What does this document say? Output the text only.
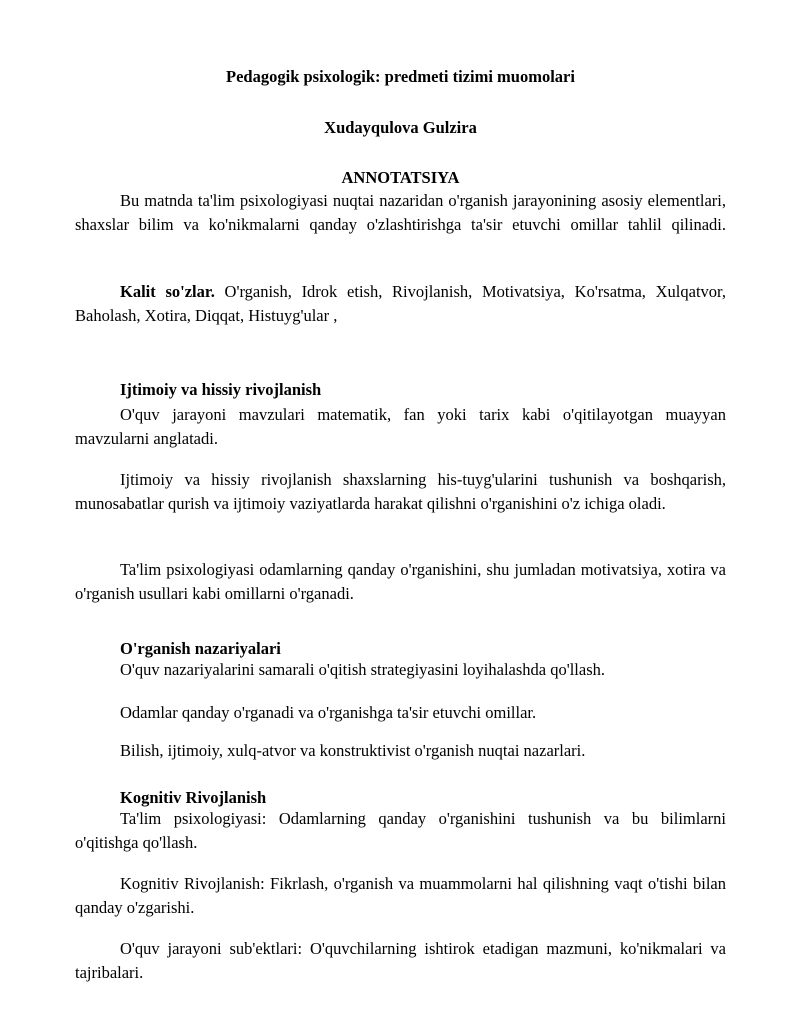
Pedagogik psixologik: predmeti tizimi muomolari
Xudayqulova Gulzira
ANNOTATSIYA

Bu matnda ta'lim psixologiyasi nuqtai nazaridan o'rganish jarayonining asosiy elementlari, shaxslar bilim va ko'nikmalarni qanday o'zlashtirishga ta'sir etuvchi omillar tahlil qilinadi.

Kalit so'zlar. O'rganish, Idrok etish, Rivojlanish, Motivatsiya, Ko'rsatma, Xulqatvor, Baholash, Xotira, Diqqat, Histuyg'ular ,

Ijtimoiy va hissiy rivojlanish

O'quv jarayoni mavzulari matematik, fan yoki tarix kabi o'qitilayotgan muayyan mavzularni anglatadi.

Ijtimoiy va hissiy rivojlanish shaxslarning his-tuyg'ularini tushunish va boshqarish, munosabatlar qurish va ijtimoiy vaziyatlarda harakat qilishni o'rganishini o'z ichiga oladi.

Ta'lim psixologiyasi odamlarning qanday o'rganishini, shu jumladan motivatsiya, xotira va o'rganish usullari kabi omillarni o'rganadi.

O'rganish nazariyalari
O'quv nazariyalarini samarali o'qitish strategiyasini loyihalashda qo'llash.
Odamlar qanday o'rganadi va o'rganishga ta'sir etuvchi omillar.
Bilish, ijtimoiy, xulq-atvor va konstruktivist o'rganish nuqtai nazarlari.
Kognitiv Rivojlanish

Ta'lim psixologiyasi: Odamlarning qanday o'rganishini tushunish va bu bilimlarni o'qitishga qo'llash.

Kognitiv Rivojlanish: Fikrlash, o'rganish va muammolarni hal qilishning vaqt o'tishi bilan qanday o'zgarishi.

O'quv jarayoni sub'ektlari: O'quvchilarning ishtirok etadigan mazmuni, ko'nikmalari va tajribalari.
